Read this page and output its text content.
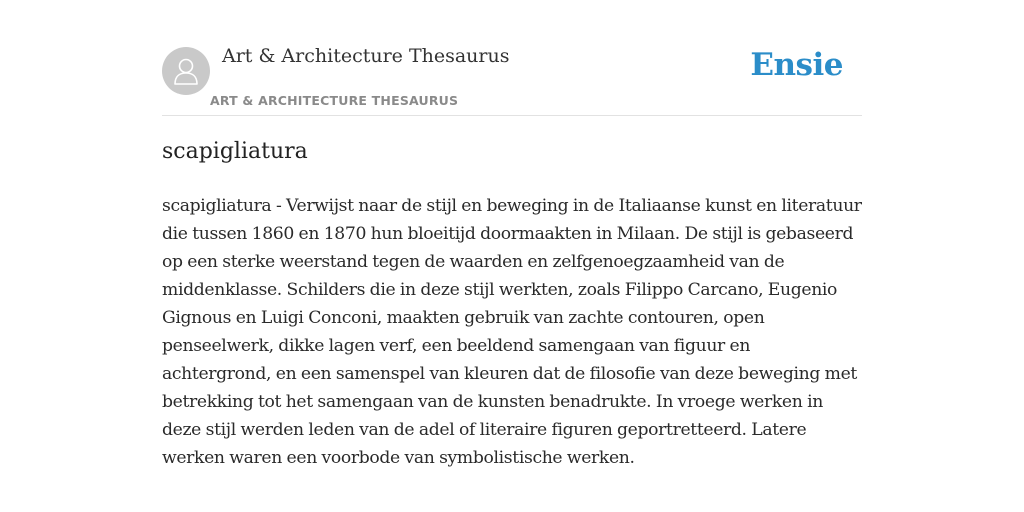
Art & Architecture Thesaurus
ART & ARCHITECTURE THESAURUS
Ensie
scapigliatura

scapigliatura - Verwijst naar de stijl en beweging in de Italiaanse kunst en literatuur die tussen 1860 en 1870 hun bloeitijd doormaakten in Milaan. De stijl is gebaseerd op een sterke weerstand tegen de waarden en zelfgenoegzaamheid van de middenklasse. Schilders die in deze stijl werkten, zoals Filippo Carcano, Eugenio Gignous en Luigi Conconi, maakten gebruik van zachte contouren, open penseelwerk, dikke lagen verf, een beeldend samengaan van figuur en achtergrond, en een samenspel van kleuren dat de filosofie van deze beweging met betrekking tot het samengaan van de kunsten benadrukte. In vroege werken in deze stijl werden leden van de adel of literaire figuren geportretteerd. Latere werken waren een voorbode van symbolistische werken.
